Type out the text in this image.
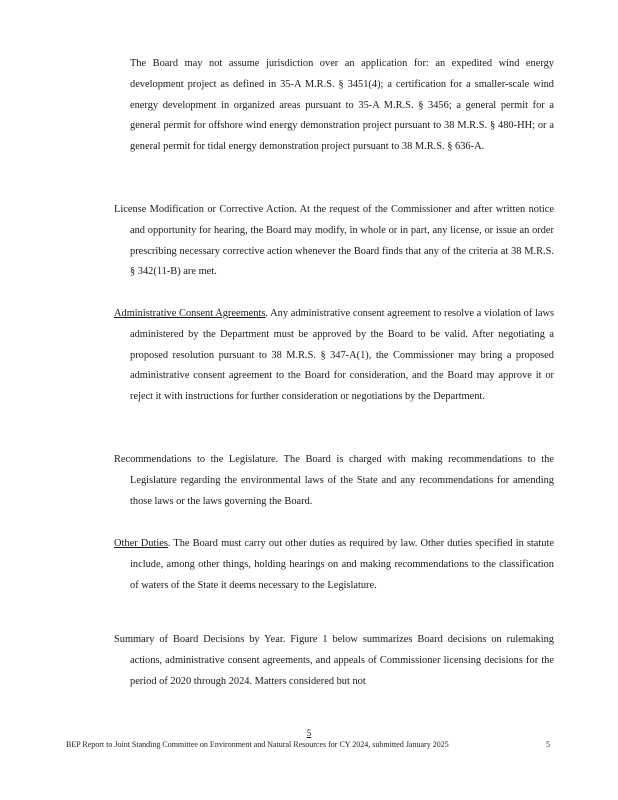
The Board may not assume jurisdiction over an application for: an expedited wind energy development project as defined in 35-A M.R.S. § 3451(4); a certification for a smaller-scale wind energy development in organized areas pursuant to 35-A M.R.S. § 3456; a general permit for a general permit for offshore wind energy demonstration project pursuant to 38 M.R.S. § 480-HH; or a general permit for tidal energy demonstration project pursuant to 38 M.R.S. § 636-A.

License Modification or Corrective Action. At the request of the Commissioner and after written notice and opportunity for hearing, the Board may modify, in whole or in part, any license, or issue an order prescribing necessary corrective action whenever the Board finds that any of the criteria at 38 M.R.S. § 342(11-B) are met.

Administrative Consent Agreements. Any administrative consent agreement to resolve a violation of laws administered by the Department must be approved by the Board to be valid. After negotiating a proposed resolution pursuant to 38 M.R.S. § 347-A(1), the Commissioner may bring a proposed administrative consent agreement to the Board for consideration, and the Board may approve it or reject it with instructions for further consideration or negotiations by the Department.

Recommendations to the Legislature. The Board is charged with making recommendations to the Legislature regarding the environmental laws of the State and any recommendations for amending those laws or the laws governing the Board.

Other Duties. The Board must carry out other duties as required by law. Other duties specified in statute include, among other things, holding hearings on and making recommendations to the classification of waters of the State it deems necessary to the Legislature.

Summary of Board Decisions by Year. Figure 1 below summarizes Board decisions on rulemaking actions, administrative consent agreements, and appeals of Commissioner licensing decisions for the period of 2020 through 2024. Matters considered but not

5
BEP Report to Joint Standing Committee on Environment and Natural Resources for CY 2024, submitted January 2025	5
